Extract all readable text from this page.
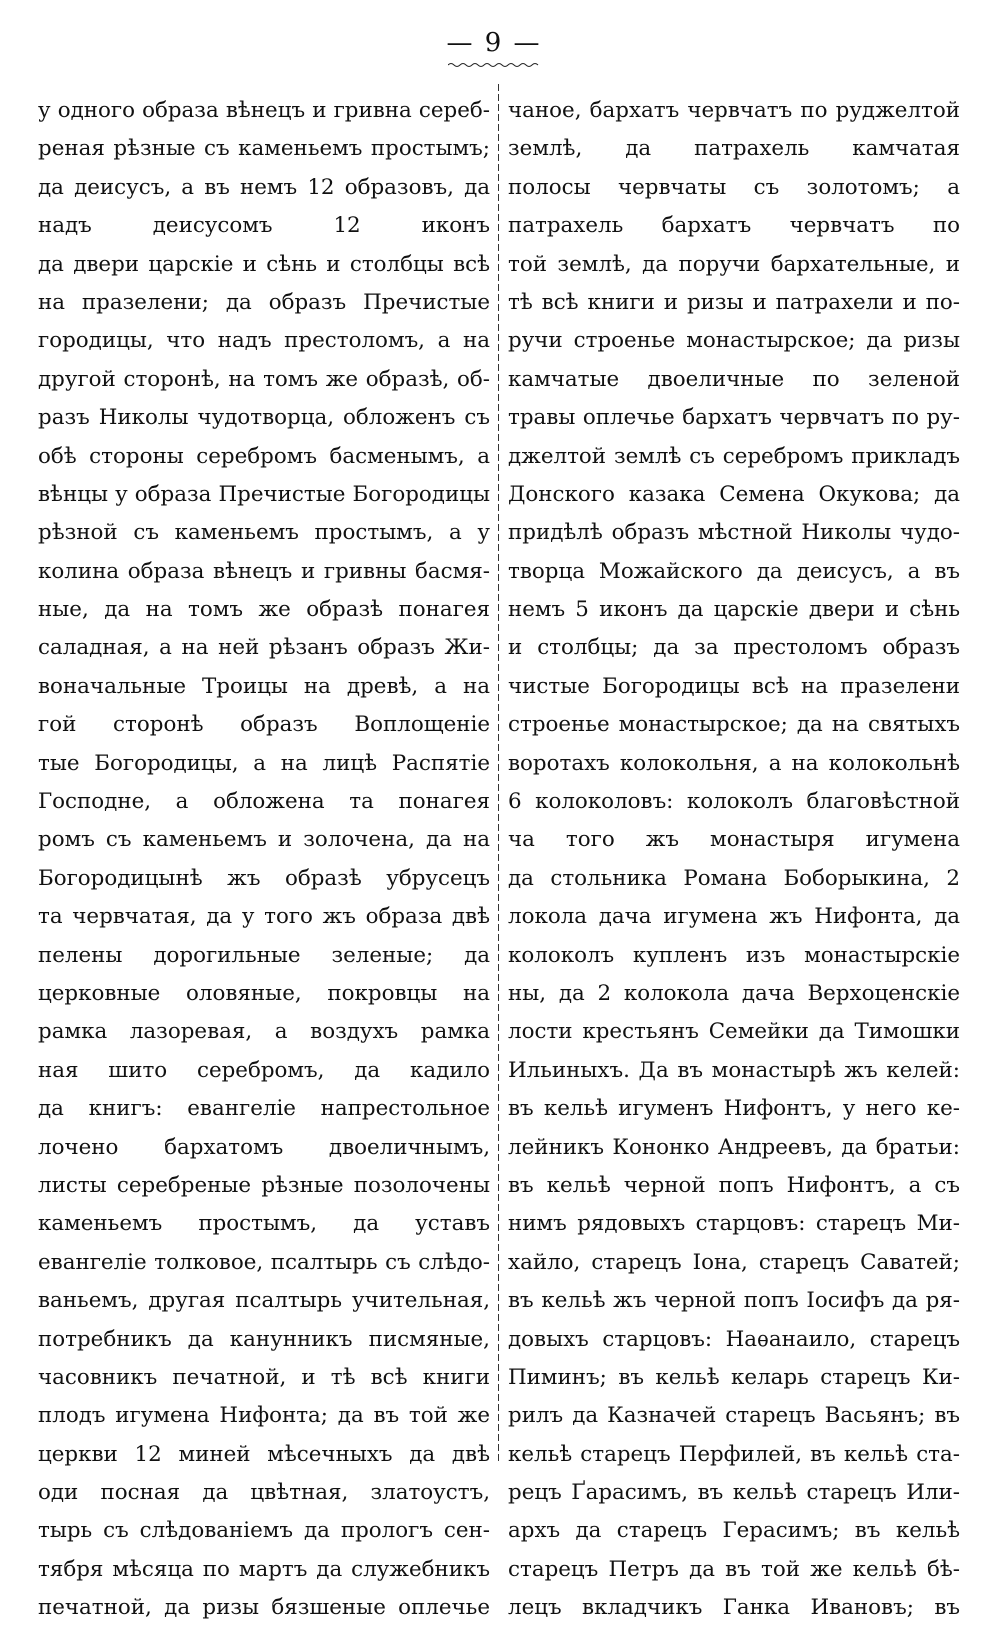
— 9 —
у одного образа вѣнецъ и гривна сереб-
реная рѣзные съ каменьемъ простымъ;
да деисусъ, а въ немъ 12 образовъ, да
надъ деисусомъ 12 иконъ
да двери царскіе и сѣнь и столбцы всѣ
на празелени; да образъ Пречистые
городицы, что надъ престоломъ, а на
другой сторонѣ, на томъ же образѣ, об-
разъ Николы чудотворца, обложенъ съ
обѣ стороны серебромъ басменымъ, а
вѣнцы у образа Пречистые Богородицы
рѣзной съ каменьемъ простымъ, а у
колина образа вѣнецъ и гривны басмя-
ные, да на томъ же образѣ понагея
саладная, а на ней рѣзанъ образъ Жи-
воначальные Троицы на древѣ, а на
гой сторонѣ образъ Воплощеніе
тые Богородицы, а на лицѣ Распятіе
Господне, а обложена та понагея
ромъ съ каменьемъ и золочена, да на
Богородицынѣ жъ образѣ убрусецъ
та червчатая, да у того жъ образа двѣ
пелены дорогильные зеленые; да
церковные оловяные, покровцы на
рамка лазоревая, а воздухъ рамка
ная шито серебромъ, да кадило
да книгъ: евангеліе напрестольное
лочено бархатомъ двоеличнымъ,
листы серебреные рѣзные позолочены
каменьемъ простымъ, да уставъ
евангеліе толковое, псалтырь съ слѣдо-
ваньемъ, другая псалтырь учительная,
потребникъ да канунникъ писмяные,
часовникъ печатной, и тѣ всѣ книги
плодъ игумена Нифонта; да въ той же
церкви 12 миней мѣсечныхъ да двѣ
оди посная да цвѣтная, златоустъ,
тырь съ слѣдованіемъ да прологъ сен-
тября мѣсяца по мартъ да служебникъ
печатной, да ризы бязшеные оплечье
чаное, бархатъ червчатъ по руджелтой
землѣ, да патрахель камчатая
полосы червчаты съ золотомъ; а
патрахель бархатъ червчатъ по
той землѣ, да поручи бархательные, и
тѣ всѣ книги и ризы и патрахели и по-
ручи строенье монастырское; да ризы
камчатые двоеличные по зеленой
травы оплечье бархатъ червчатъ по ру-
джелтой землѣ съ серебромъ прикладъ
Донского казака Семена Окукова; да
придѣлѣ образъ мѣстной Николы чудо-
творца Можайского да деисусъ, а въ
немъ 5 иконъ да царскіе двери и сѣнь
и столбцы; да за престоломъ образъ
чистые Богородицы всѣ на празелени
строенье монастырское; да на святыхъ
воротахъ колокольня, а на колокольнѣ
6 колоколовъ: колоколъ благовѣстной
ча того жъ монастыря игумена
да стольника Романа Боборыкина, 2
локола дача игумена жъ Нифонта, да
колоколъ купленъ изъ монастырскіе
ны, да 2 колокола дача Верхоценскіе
лости крестьянъ Семейки да Тимошки
Ильиныхъ. Да въ монастырѣ жъ келей:
въ кельѣ игуменъ Нифонтъ, у него ке-
лейникъ Кононко Андреевъ, да братьи:
въ кельѣ черной попъ Нифонтъ, а съ
нимъ рядовыхъ старцовъ: старецъ Ми-
хайло, старецъ Іона, старецъ Саватей;
въ кельѣ жъ черной попъ Іосифъ да ря-
довыхъ старцовъ: Наѳанаило, старецъ
Пиминъ; въ кельѣ келарь старецъ Ки-
рилъ да Казначей старецъ Васьянъ; въ
кельѣ старецъ Перфилей, въ кельѣ ста-
рецъ Ґарасимъ, въ кельѣ старецъ Или-
архъ да старецъ Герасимъ; въ кельѣ
старецъ Петръ да въ той же кельѣ бѣ-
лецъ вкладчикъ Ганка Ивановъ; въ
